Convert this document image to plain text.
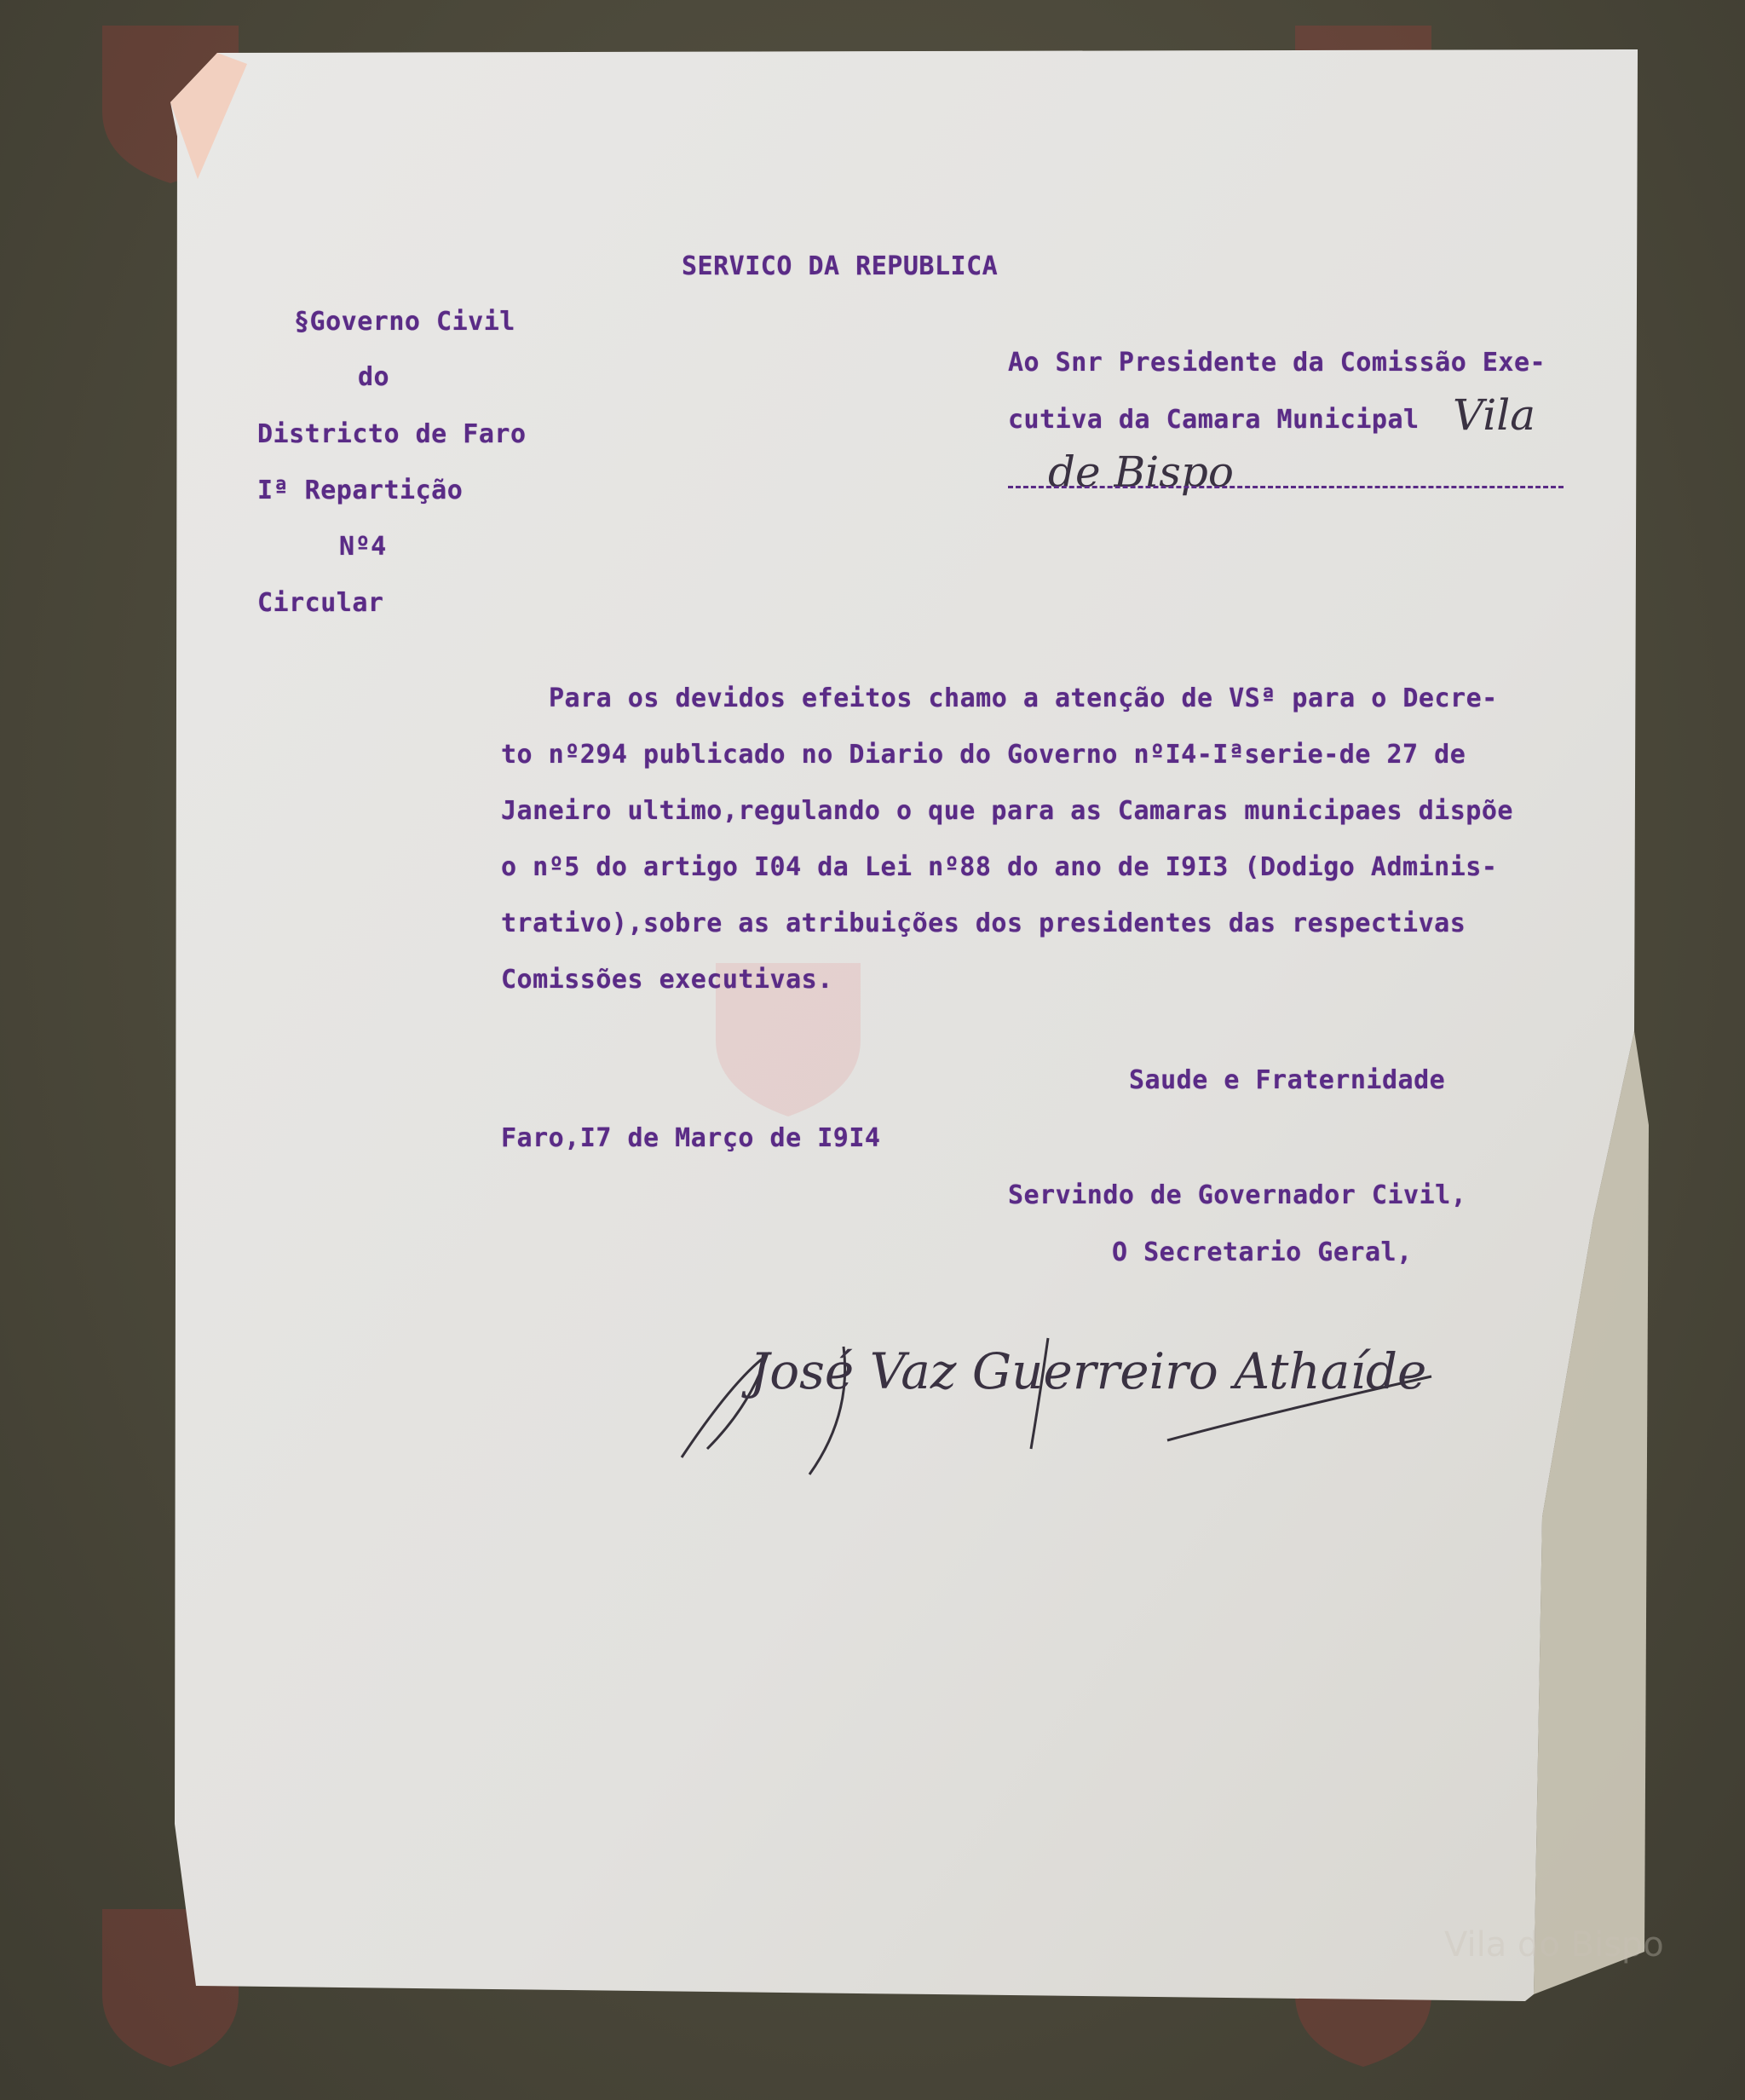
SERVICO DA REPUBLICA
§Governo Civil
do
Districto de Faro
Iª Repartição
Nº4
Circular
Ao Snr Presidente da Comissão Exe-
cutiva da Camara Municipal Vila
de Bispo
Para os devidos efeitos chamo a atenção de VSª para o Decre-
to nº294 publicado no Diario do Governo nºI4-Iªserie-de 27 de
Janeiro ultimo,regulando o que para as Camaras municipaes dispõe
o nº5 do artigo I04 da Lei nº88 do ano de I9I3 (Dodigo Adminis-
trativo),sobre as atribuições dos presidentes das respectivas
Comissões executivas.
Saude e Fraternidade
Faro,I7 de Março de I9I4
Servindo de Governador Civil,
O Secretario Geral,
José Vaz Guerreiro Athaíde
Vila do Bispo
